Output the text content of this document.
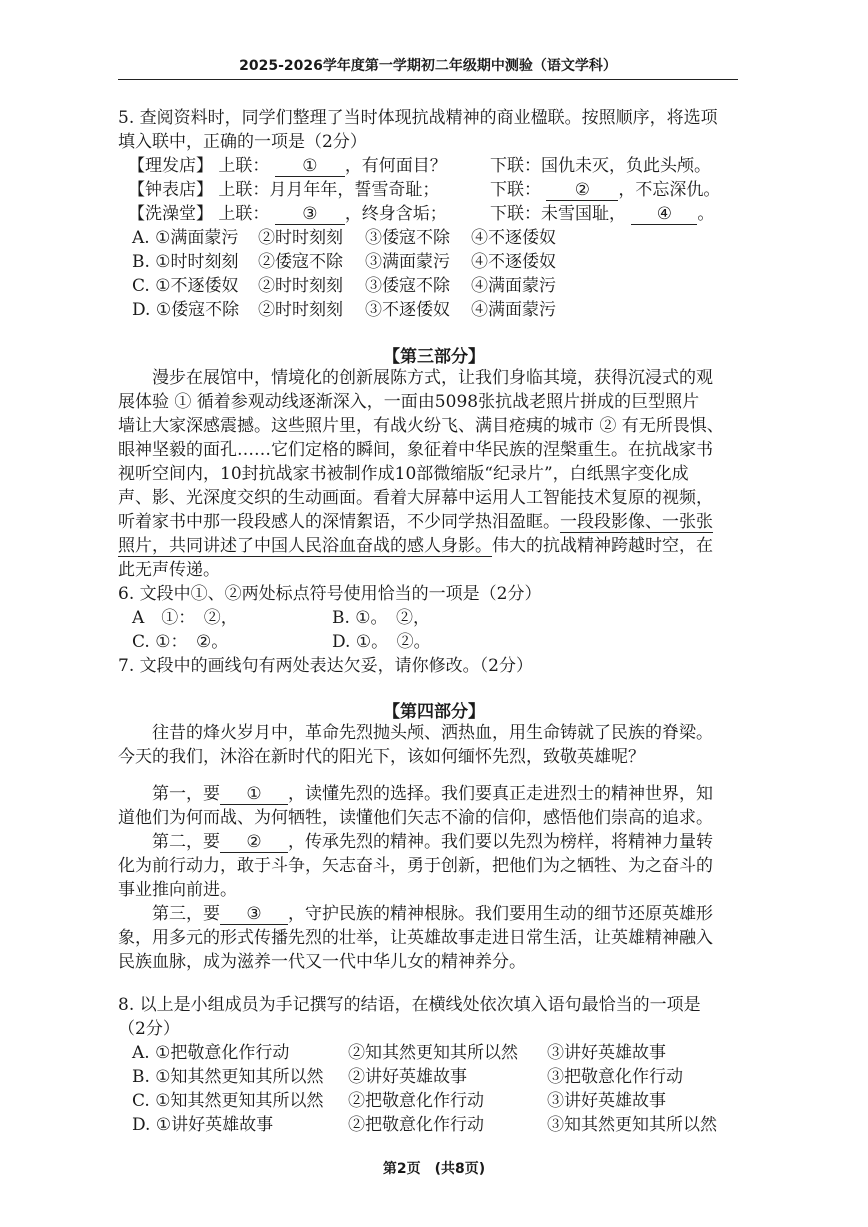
2025-2026学年度第一学期初二年级期中测验（语文学科）
5. 查阅资料时，同学们整理了当时体现抗战精神的商业楹联。按照顺序，将选项
填入联中，正确的一项是（2分）
【理发店】 上联： ① ，有何面目？	下联：国仇未灭，负此头颅。
【钟表店】 上联：月月年年，誓雪奇耻；	下联： ② ，不忘深仇。
【洗澡堂】 上联： ③ ，终身含垢；	下联：未雪国耻， ④ 。
A. ①满面蒙污 ②时时刻刻 ③倭寇不除 ④不逐倭奴
B. ①时时刻刻 ②倭寇不除 ③满面蒙污 ④不逐倭奴
C. ①不逐倭奴 ②时时刻刻 ③倭寇不除 ④满面蒙污
D. ①倭寇不除 ②时时刻刻 ③不逐倭奴 ④满面蒙污
【第三部分】
漫步在展馆中，情境化的创新展陈方式，让我们身临其境，获得沉浸式的观
展体验 ① 循着参观动线逐渐深入，一面由5098张抗战老照片拼成的巨型照片
墙让大家深感震撼。这些照片里，有战火纷飞、满目疮痍的城市 ② 有无所畏惧、
眼神坚毅的面孔……它们定格的瞬间，象征着中华民族的涅槃重生。在抗战家书
视听空间内，10封抗战家书被制作成10部微缩版“纪录片”，白纸黑字变化成
声、影、光深度交织的生动画面。看着大屏幕中运用人工智能技术复原的视频，
听着家书中那一段段感人的深情絮语，不少同学热泪盈眶。一段段影像、一张张
照片，共同讲述了中国人民浴血奋战的感人身影。伟大的抗战精神跨越时空，在
此无声传递。
6. 文段中①、②两处标点符号使用恰当的一项是（2分）
A　①：　②，	B. ①。　②，
C. ①：　②。	D. ①。　②。
7. 文段中的画线句有两处表达欠妥，请你修改。（2分）
【第四部分】
往昔的烽火岁月中，革命先烈抛头颅、洒热血，用生命铸就了民族的脊梁。
今天的我们，沐浴在新时代的阳光下，该如何缅怀先烈，致敬英雄呢？
第一，要 ① ，读懂先烈的选择。我们要真正走进烈士的精神世界，知
道他们为何而战、为何牺牲，读懂他们矢志不渝的信仰，感悟他们崇高的追求。
第二，要 ② ，传承先烈的精神。我们要以先烈为榜样，将精神力量转
化为前行动力，敢于斗争，矢志奋斗，勇于创新，把他们为之牺牲、为之奋斗的
事业推向前进。
第三，要 ③ ，守护民族的精神根脉。我们要用生动的细节还原英雄形
象，用多元的形式传播先烈的壮举，让英雄故事走进日常生活，让英雄精神融入
民族血脉，成为滋养一代又一代中华儿女的精神养分。
8. 以上是小组成员为手记撰写的结语，在横线处依次填入语句最恰当的一项是
（2分）
A. ①把敬意化作行动	②知其然更知其所以然 ③讲好英雄故事
B. ①知其然更知其所以然 ②讲好英雄故事	③把敬意化作行动
C. ①知其然更知其所以然 ②把敬意化作行动	③讲好英雄故事
D. ①讲好英雄故事	②把敬意化作行动	③知其然更知其所以然
第2页　(共8页)
